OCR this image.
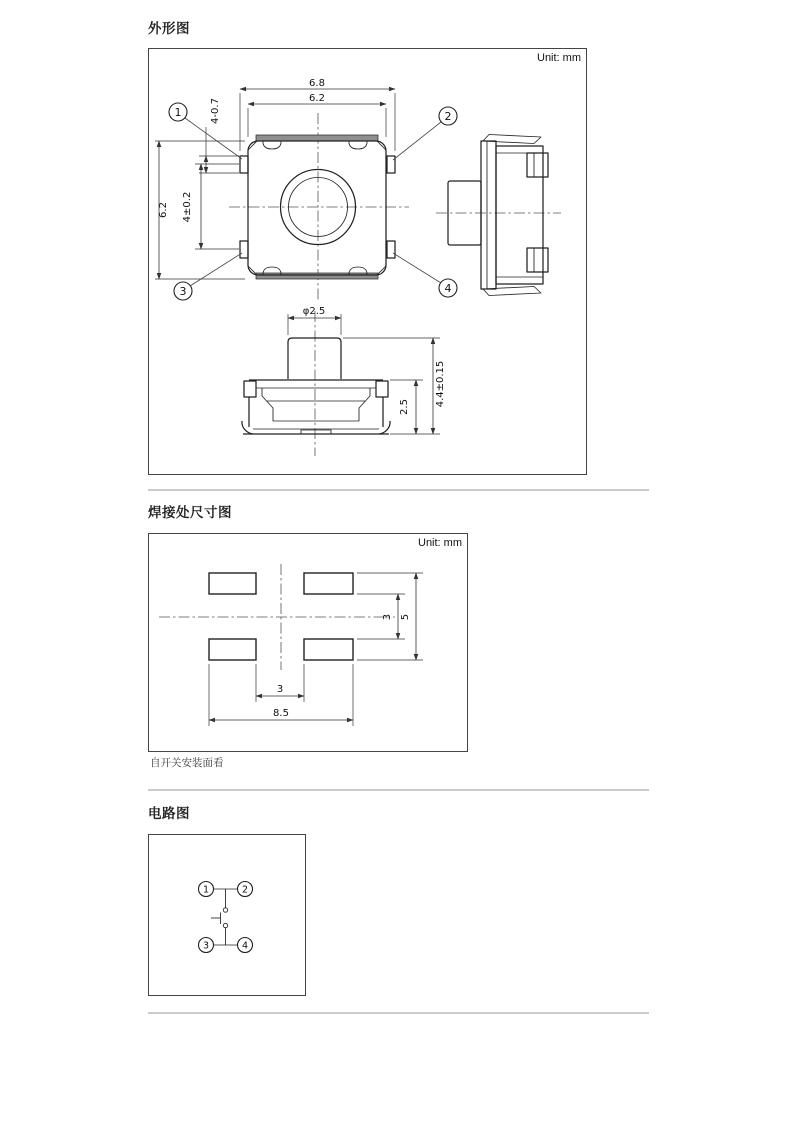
外形图
Unit: mm
6.8
6.2
4-0.7
6.2 4±0.2
1	2
3	4
φ2.5
2.5	4.4±0.15
焊接处尺寸图
Unit: mm
3 5
3
8.5
自开关安装面看
电路图
1	2
3	4
